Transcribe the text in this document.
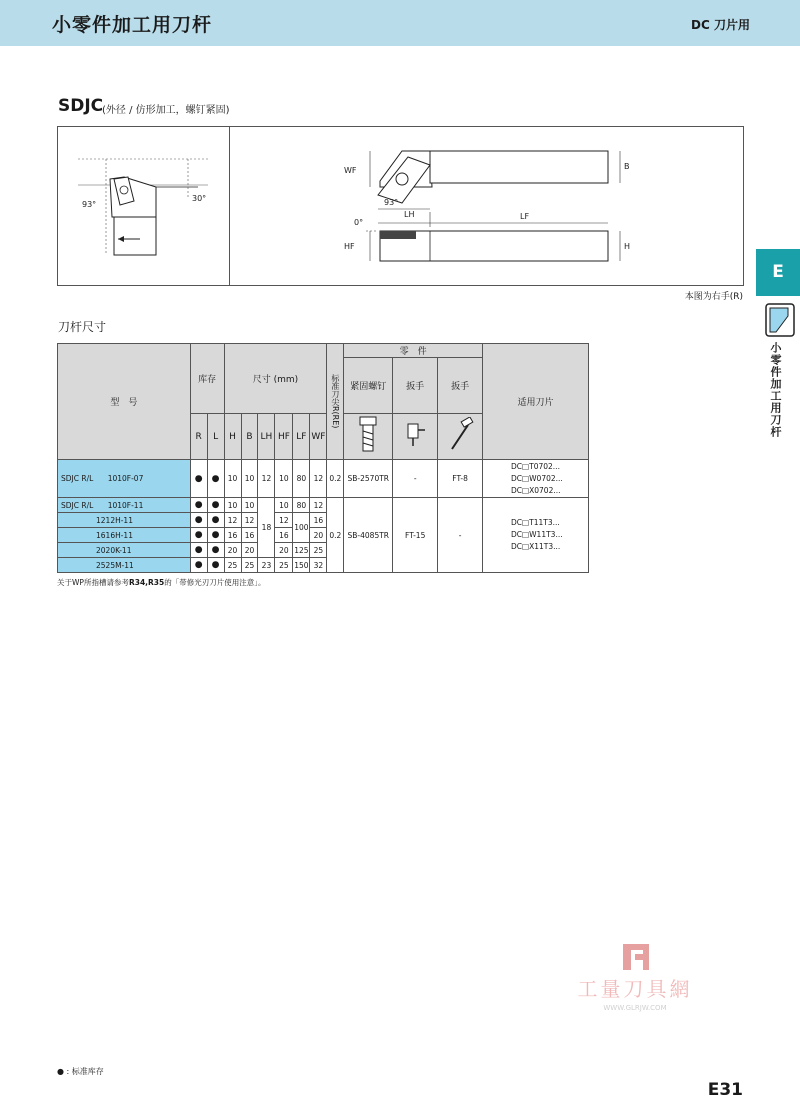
小零件加工用刀杆	DC 刀片用
SDJC
(外径 / 仿形加工，螺钉紧固)
93°
30°
WF	B
LH	LF
HF	H
93°
0°
本图为右手(R)
E
小零件加工用刀杆
刀杆尺寸
型　号	库存		尺寸 (mm)						标准刀尖R(RE)	零　件			适用刀片
										紧固螺钉	扳手	扳手	
	R	L	H	B	LH	HF	LF	WF			
SDJC R/L 1010F-07	●	●	10	10	12	10	80	12	0.2	SB-2570TR	-	FT-8	DC□T0702...
DC□W0702...
DC□X0702...

SDJC R/L 1010F-11	●	●	10	10	18	10	80	12	0.2	SB-4085TR	FT-15	-	DC□T11T3...
DC□W11T3...
DC□X11T3...

1212H-11	●	●	12	12		12	100	16					
1616H-11	●	●	16	16		16		20					
2020K-11	●	●	20	20		20	125	25					
2525M-11	●	●	25	25	23	25	150	32					
关于WP所指槽请参考R34,R35的「带修光刃刀片使用注意」。
工量刀具網
WWW.GLRJW.COM
● : 标准库存
E31
